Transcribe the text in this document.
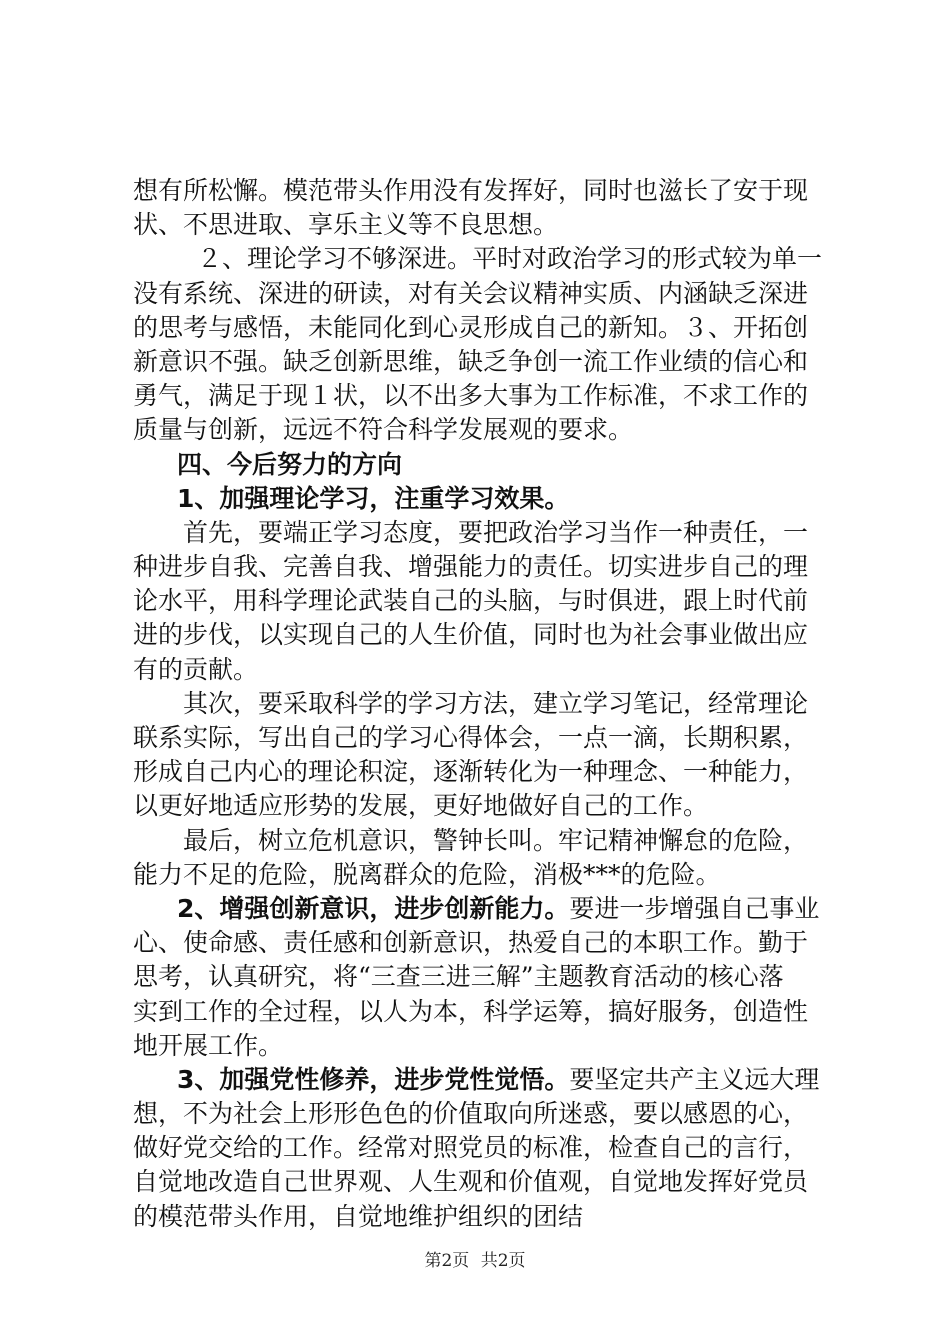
想有所松懈。模范带头作用没有发挥好，同时也滋长了安于现
状、不思进取、享乐主义等不良思想。
　２、理论学习不够深进。平时对政治学习的形式较为单一
没有系统、深进的研读，对有关会议精神实质、内涵缺乏深进
的思考与感悟，未能同化到心灵形成自己的新知。３、开拓创
新意识不强。缺乏创新思维，缺乏争创一流工作业绩的信心和
勇气，满足于现１状，以不出多大事为工作标准，不求工作的
质量与创新，远远不符合科学发展观的要求。
四、今后努力的方向
1、加强理论学习，注重学习效果。
首先，要端正学习态度，要把政治学习当作一种责任，一
种进步自我、完善自我、增强能力的责任。切实进步自己的理
论水平，用科学理论武装自己的头脑，与时俱进，跟上时代前
进的步伐，以实现自己的人生价值，同时也为社会事业做出应
有的贡献。
其次，要采取科学的学习方法，建立学习笔记，经常理论
联系实际，写出自己的学习心得体会，一点一滴，长期积累，
形成自己内心的理论积淀，逐渐转化为一种理念、一种能力，
以更好地适应形势的发展，更好地做好自己的工作。
最后，树立危机意识，警钟长叫。牢记精神懈怠的危险，
能力不足的危险，脱离群众的危险，消极***的危险。
2、增强创新意识，进步创新能力。要进一步增强自己事业
心、使命感、责任感和创新意识，热爱自己的本职工作。勤于
思考，认真研究，将“三查三进三解”主题教育活动的核心落
实到工作的全过程，以人为本，科学运筹，搞好服务，创造性
地开展工作。
3、加强党性修养，进步党性觉悟。要坚定共产主义远大理
想，不为社会上形形色色的价值取向所迷惑，要以感恩的心，
做好党交给的工作。经常对照党员的标准，检查自己的言行，
自觉地改造自己世界观、人生观和价值观，自觉地发挥好党员
的模范带头作用，自觉地维护组织的团结
第2页 共2页
